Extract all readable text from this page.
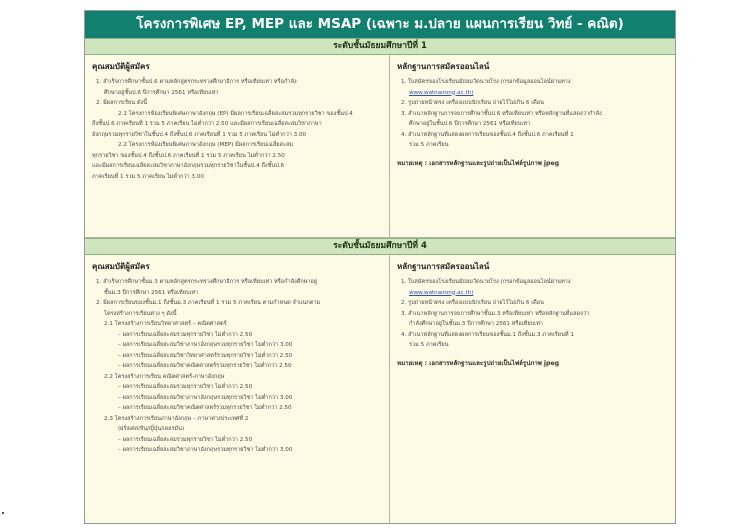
โครงการพิเศษ EP, MEP และ MSAP (เฉพาะ ม.ปลาย แผนการเรียน วิทย์ - คณิต)
ระดับชั้นมัธยมศึกษาปีที่ 1
คุณสมบัติผู้สมัคร
1. สำเร็จการศึกษาชั้นป.6 ตามหลักสูตรกระทรวงศึกษาธิการ หรือเทียบเท่า หรือกำลัง
ศึกษาอยู่ชั้นป.6 ปีการศึกษา 2561 หรือเทียบเท่า
2. มีผลการเรียน ดังนี้
2.1 โครงการห้องเรียนพิเศษภาษาอังกฤษ (EP) มีผลการเรียนเฉลี่ยสะสมรวมทุกรายวิชา ของชั้นป.4
ถึงชั้นป.6 ภาคเรียนที่ 1 รวม 5 ภาคเรียน ไม่ต่ำกว่า 2.50 และมีผลการเรียนเฉลี่ยสะสมวิชาภาษา
อังกฤษรวมทุกรายวิชาในชั้นป.4 ถึงชั้นป.6 ภาคเรียนที่ 1 รวม 5 ภาคเรียน ไม่ต่ำกว่า 3.00
2.2 โครงการห้องเรียนพิเศษภาษาอังกฤษ (MEP) มีผลการเรียนเฉลี่ยสะสม
ทุกรายวิชา ของชั้นป.4 ถึงชั้นป.6 ภาคเรียนที่ 1 รวม 5 ภาคเรียน ไม่ต่ำกว่า 2.50
และมีผลการเรียนเฉลี่ยสะสมวิชาภาษาอังกฤษรวมทุกรายวิชาในชั้นป.4 ถึงชั้นป.6
ภาคเรียนที่ 1 รวม 5 ภาคเรียน ไม่ต่ำกว่า 3.00
หลักฐานการสมัครออนไลน์
1. ใบสมัครของโรงเรียนมัธยมวัดนายโรง (กรอกข้อมูลออนไลน์ผ่านทาง
www.watnairong.ac.th)
2. รูปถ่ายหน้าตรง เครื่องแบบนักเรียน ถ่ายไว้ไม่เกิน 6 เดือน
3. สำเนาหลักฐานการจบการศึกษาชั้นป.6 หรือเทียบเท่า หรือหลักฐานที่แสดงว่ากำลัง
ศึกษาอยู่ในชั้นป.6 ปีการศึกษา 2561 หรือเทียบเท่า
4. สำเนาหลักฐานที่แสดงผลการเรียนของชั้นป.4 ถึงชั้นป.6 ภาคเรียนที่ 1
รวม 5 ภาคเรียน
หมายเหตุ : เอกสารหลักฐานและรูปถ่ายเป็นไฟล์รูปภาพ jpeg
ระดับชั้นมัธยมศึกษาปีที่ 4
คุณสมบัติผู้สมัคร
1. สำเร็จการศึกษาชั้นม.3 ตามหลักสูตรกระทรวงศึกษาธิการ หรือเทียบเท่า หรือกำลังศึกษาอยู่
ชั้นม.3 ปีการศึกษา 2561 หรือเทียบเท่า
2. มีผลการเรียนของชั้นม.1 ถึงชั้นม.3 ภาคเรียนที่ 1 รวม 5 ภาคเรียน ตามกำหนด จำแนกตาม
โครงสร้างการเรียนต่าง ๆ ดังนี้
2.1 โครงสร้างการเรียนวิทยาศาสตร์ – คณิตศาสตร์
– ผลการเรียนเฉลี่ยสะสมรวมทุกรายวิชา ไม่ต่ำกว่า 2.50
– ผลการเรียนเฉลี่ยสะสมวิชาภาษาอังกฤษรวมทุกรายวิชา ไม่ต่ำกว่า 3.00
– ผลการเรียนเฉลี่ยสะสมวิชาวิทยาศาสตร์รวมทุกรายวิชา ไม่ต่ำกว่า 2.50
– ผลการเรียนเฉลี่ยสะสมวิชาคณิตศาสตร์รวมทุกรายวิชา ไม่ต่ำกว่า 2.50
2.2 โครงสร้างการเรียน คณิตศาสตร์-ภาษาอังกฤษ
– ผลการเรียนเฉลี่ยสะสมรวมทุกรายวิชา ไม่ต่ำกว่า 2.50
– ผลการเรียนเฉลี่ยสะสมวิชาภาษาอังกฤษรวมทุกรายวิชา ไม่ต่ำกว่า 3.00
– ผลการเรียนเฉลี่ยสะสมวิชาคณิตศาสตร์รวมทุกรายวิชา ไม่ต่ำกว่า 2.50
2.3 โครงสร้างการเรียนภาษาอังกฤษ – ภาษาต่างประเทศที่ 2
(ฝรั่งเศส/จีน/ญี่ปุ่น/เยอรมัน)
– ผลการเรียนเฉลี่ยสะสมรวมทุกรายวิชา ไม่ต่ำกว่า 2.50
– ผลการเรียนเฉลี่ยสะสมวิชาภาษาอังกฤษรวมทุกรายวิชา ไม่ต่ำกว่า 3.00
หลักฐานการสมัครออนไลน์
1. ใบสมัครของโรงเรียนมัธยมวัดนายโรง (กรอกข้อมูลออนไลน์ผ่านทาง
www.watnairong.ac.th)
2. รูปถ่ายหน้าตรง เครื่องแบบนักเรียน ถ่ายไว้ไม่เกิน 6 เดือน
3. สำเนาหลักฐานการจบการศึกษาชั้นม.3 หรือเทียบเท่า หรือหลักฐานที่แสดงว่า
กำลังศึกษาอยู่ในชั้นม.3 ปีการศึกษา 2561 หรือเทียบเท่า
4. สำเนาหลักฐานที่แสดงผลการเรียนของชั้นม.1 ถึงชั้นม.3 ภาคเรียนที่ 1
รวม 5 ภาคเรียน
หมายเหตุ : เอกสารหลักฐานและรูปถ่ายเป็นไฟล์รูปภาพ jpeg
